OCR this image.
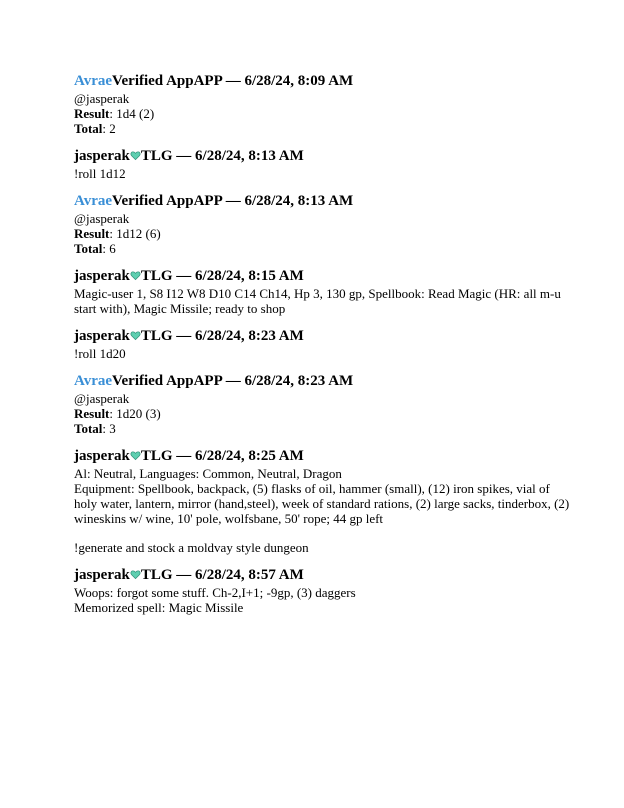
AvraeVerified AppAPP — 6/28/24, 8:09 AM
@jasperak
Result: 1d4 (2)
Total: 2
jasperak TLG — 6/28/24, 8:13 AM
!roll 1d12
AvraeVerified AppAPP — 6/28/24, 8:13 AM
@jasperak
Result: 1d12 (6)
Total: 6
jasperak TLG — 6/28/24, 8:15 AM
Magic-user 1, S8 I12 W8 D10 C14 Ch14, Hp 3, 130 gp, Spellbook: Read Magic (HR: all m-u start with), Magic Missile; ready to shop
jasperak TLG — 6/28/24, 8:23 AM
!roll 1d20
AvraeVerified AppAPP — 6/28/24, 8:23 AM
@jasperak
Result: 1d20 (3)
Total: 3
jasperak TLG — 6/28/24, 8:25 AM
Al: Neutral, Languages: Common, Neutral, Dragon
Equipment: Spellbook, backpack, (5) flasks of oil, hammer (small), (12) iron spikes, vial of holy water, lantern, mirror (hand,steel), week of standard rations, (2) large sacks, tinderbox, (2) wineskins w/ wine, 10' pole, wolfsbane, 50' rope; 44 gp left
!generate and stock a moldvay style dungeon
jasperak TLG — 6/28/24, 8:57 AM
Woops: forgot some stuff. Ch-2,I+1; -9gp, (3) daggers
Memorized spell: Magic Missile
